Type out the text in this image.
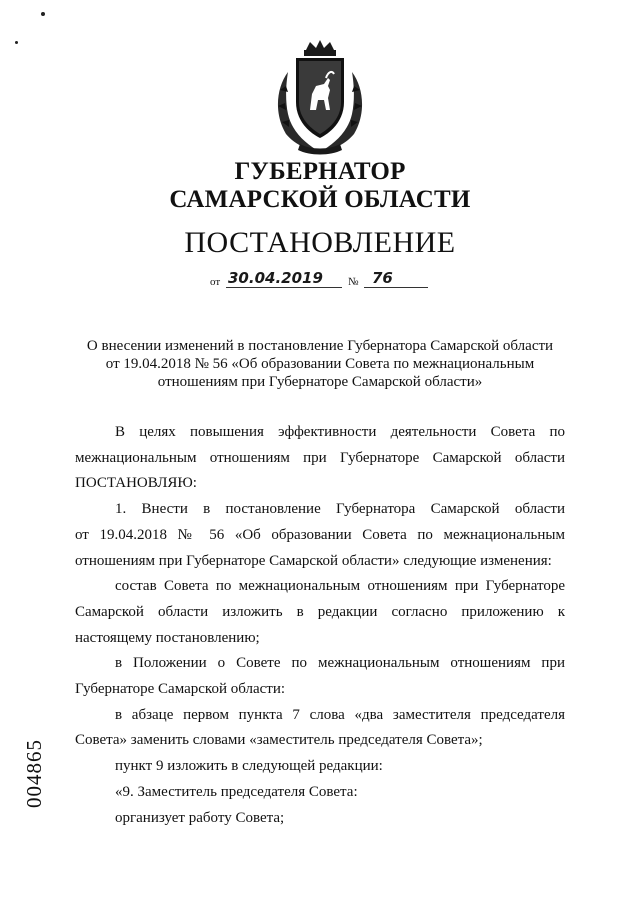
ГУБЕРНАТОР
САМАРСКОЙ ОБЛАСТИ
ПОСТАНОВЛЕНИЕ
от 30.04.2019 № 76
О внесении изменений в постановление Губернатора Самарской области
от 19.04.2018 № 56 «Об образовании Совета по межнациональным
отношениям при Губернаторе Самарской области»
В целях повышения эффективности деятельности Совета по
межнациональным отношениям при Губернаторе Самарской области
ПОСТАНОВЛЯЮ:
1. Внести в постановление Губернатора Самарской области
от 19.04.2018 № 56 «Об образовании Совета по межнациональным
отношениям при Губернаторе Самарской области» следующие изменения:
состав Совета по межнациональным отношениям при Губернаторе
Самарской области изложить в редакции согласно приложению к
настоящему постановлению;
в Положении о Совете по межнациональным отношениям при
Губернаторе Самарской области:
в абзаце первом пункта 7 слова «два заместителя председателя
Совета» заменить словами «заместитель председателя Совета»;
пункт 9 изложить в следующей редакции:
«9. Заместитель председателя Совета:
организует работу Совета;
004865
